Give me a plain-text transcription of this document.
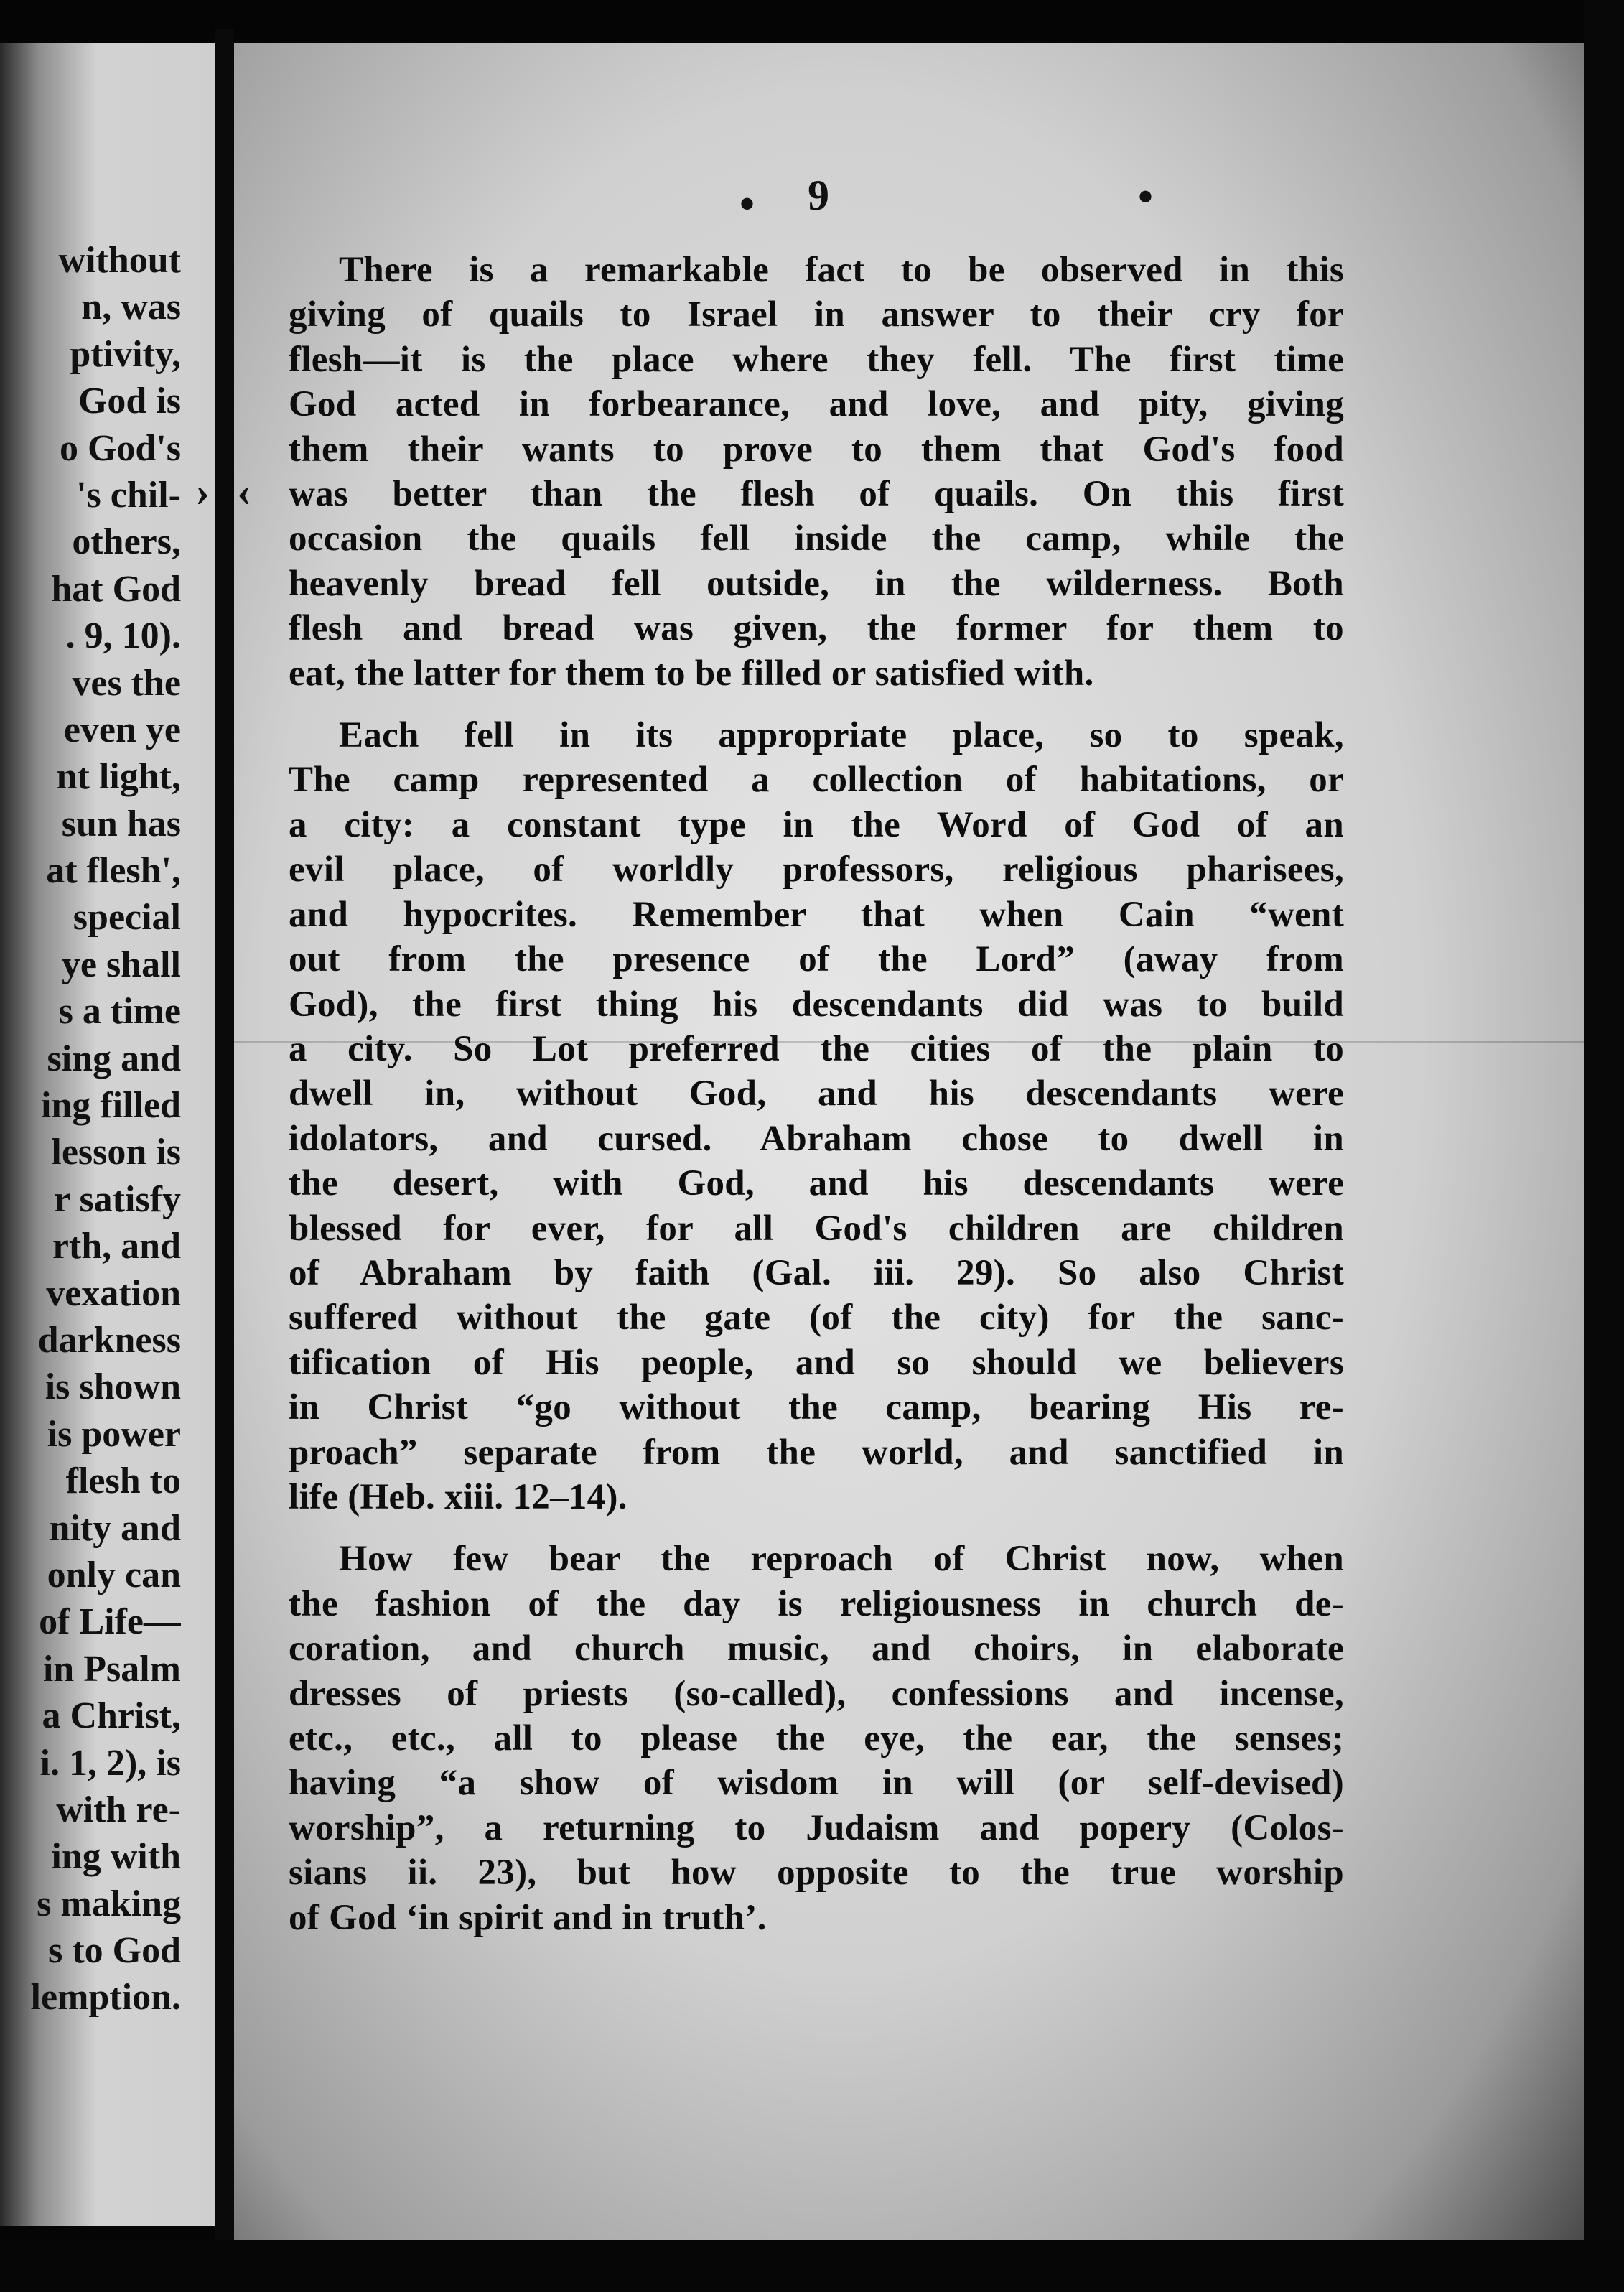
without
n, was
ptivity,
God is
o God's
's chil-
others,
hat God
. 9, 10).
ves the
even ye
nt light,
sun has
at flesh',
special
ye shall
s a time
sing and
ing filled
lesson is
r satisfy
rth, and
vexation
darkness
is shown
is power
flesh to
nity and
only can
of Life—
in Psalm
a Christ,
i. 1, 2), is
with re-
ing with
s making
s to God
lemption.
9
•	•
› ‹
There is a remarkable fact to be observed in this
giving of quails to Israel in answer to their cry for
flesh—it is the place where they fell. The first time
God acted in forbearance, and love, and pity, giving
them their wants to prove to them that God's food
was better than the flesh of quails. On this first
occasion the quails fell inside the camp, while the
heavenly bread fell outside, in the wilderness. Both
flesh and bread was given, the former for them to
eat, the latter for them to be filled or satisfied with.
Each fell in its appropriate place, so to speak,
The camp represented a collection of habitations, or
a city: a constant type in the Word of God of an
evil place, of worldly professors, religious pharisees,
and hypocrites. Remember that when Cain “went
out from the presence of the Lord” (away from
God), the first thing his descendants did was to build
a city. So Lot preferred the cities of the plain to
dwell in, without God, and his descendants were
idolators, and cursed. Abraham chose to dwell in
the desert, with God, and his descendants were
blessed for ever, for all God's children are children
of Abraham by faith (Gal. iii. 29). So also Christ
suffered without the gate (of the city) for the sanc-
tification of His people, and so should we believers
in Christ “go without the camp, bearing His re-
proach” separate from the world, and sanctified in
life (Heb. xiii. 12–14).
How few bear the reproach of Christ now, when
the fashion of the day is religiousness in church de-
coration, and church music, and choirs, in elaborate
dresses of priests (so-called), confessions and incense,
etc., etc., all to please the eye, the ear, the senses;
having “a show of wisdom in will (or self-devised)
worship”, a returning to Judaism and popery (Colos-
sians ii. 23), but how opposite to the true worship
of God ‘in spirit and in truth’.
